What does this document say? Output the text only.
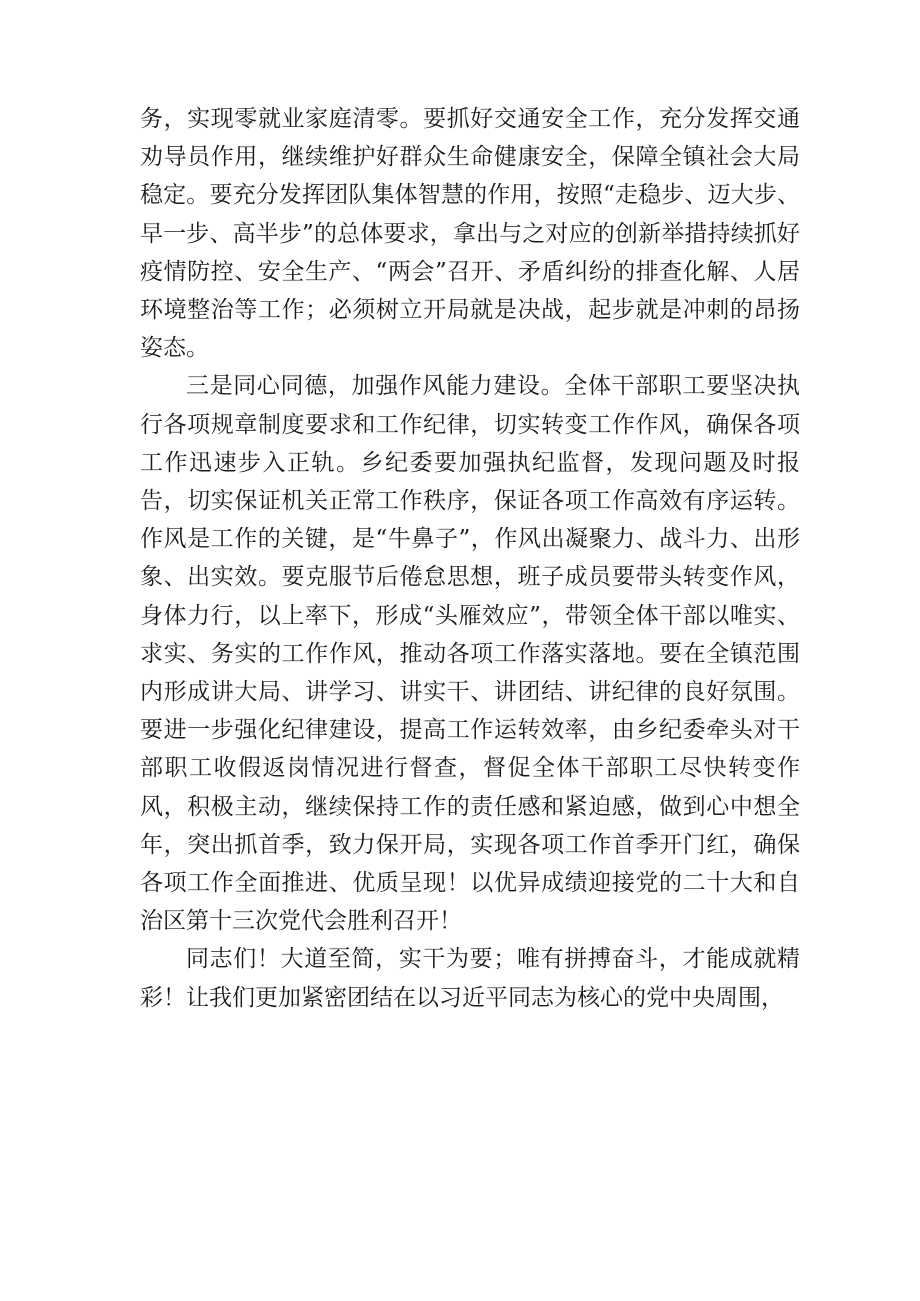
务，实现零就业家庭清零。要抓好交通安全工作，充分发挥交通劝导员作用，继续维护好群众生命健康安全，保障全镇社会大局稳定。要充分发挥团队集体智慧的作用，按照“走稳步、迈大步、早一步、高半步”的总体要求，拿出与之对应的创新举措持续抓好疫情防控、安全生产、“两会”召开、矛盾纠纷的排查化解、人居环境整治等工作；必须树立开局就是决战，起步就是冲刺的昂扬姿态。

三是同心同德，加强作风能力建设。全体干部职工要坚决执行各项规章制度要求和工作纪律，切实转变工作作风，确保各项工作迅速步入正轨。乡纪委要加强执纪监督，发现问题及时报告，切实保证机关正常工作秩序，保证各项工作高效有序运转。作风是工作的关键，是“牛鼻子”，作风出凝聚力、战斗力、出形象、出实效。要克服节后倦怠思想，班子成员要带头转变作风，身体力行，以上率下，形成“头雁效应”，带领全体干部以唯实、求实、务实的工作作风，推动各项工作落实落地。要在全镇范围内形成讲大局、讲学习、讲实干、讲团结、讲纪律的良好氛围。要进一步强化纪律建设，提高工作运转效率，由乡纪委牵头对干部职工收假返岗情况进行督查，督促全体干部职工尽快转变作风，积极主动，继续保持工作的责任感和紧迫感，做到心中想全年，突出抓首季，致力保开局，实现各项工作首季开门红，确保各项工作全面推进、优质呈现！以优异成绩迎接党的二十大和自治区第十三次党代会胜利召开！

同志们！大道至简，实干为要；唯有拼搏奋斗，才能成就精彩！让我们更加紧密团结在以习近平同志为核心的党中央周围，
